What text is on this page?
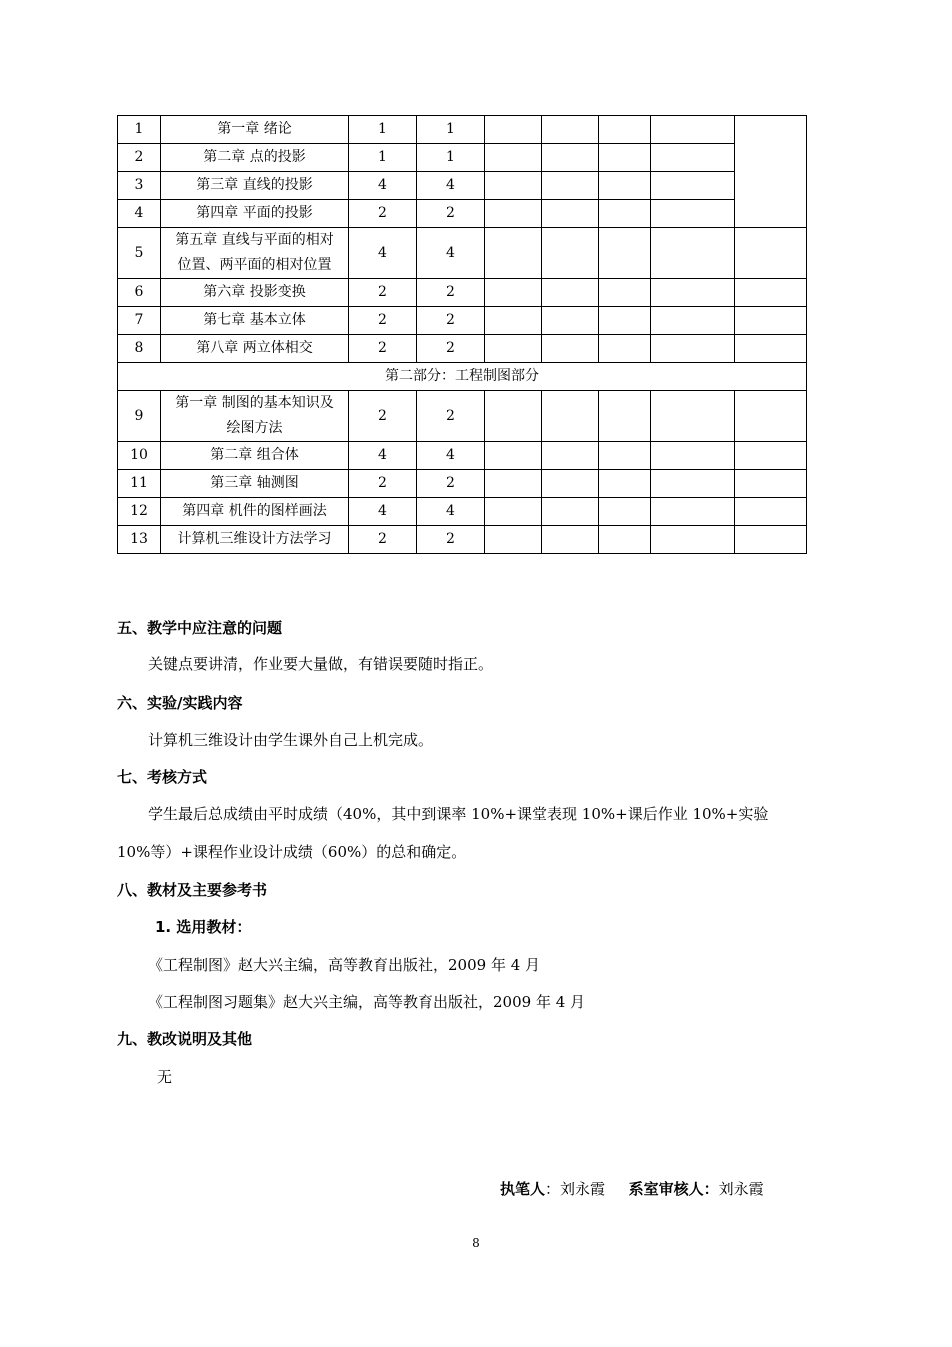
1	第一章 绪论	1	1					
2	第二章 点的投影	1	1					
3	第三章 直线的投影	4	4					
4	第四章 平面的投影	2	2					
5	第五章 直线与平面的相对位置、两平面的相对位置	4	4					
6	第六章 投影变换	2	2					
7	第七章 基本立体	2	2					
8	第八章 两立体相交	2	2					
第二部分：工程制图部分								
9	第一章 制图的基本知识及绘图方法	2	2					
10	第二章 组合体	4	4					
11	第三章 轴测图	2	2					
12	第四章 机件的图样画法	4	4					
13	计算机三维设计方法学习	2	2					
五、教学中应注意的问题
关键点要讲清，作业要大量做，有错误要随时指正。
六、实验/实践内容
计算机三维设计由学生课外自己上机完成。
七、考核方式
学生最后总成绩由平时成绩（40%，其中到课率 10%+课堂表现 10%+课后作业 10%+实验
10%等）+课程作业设计成绩（60%）的总和确定。
八、教材及主要参考书
1. 选用教材：
《工程制图》赵大兴主编，高等教育出版社，2009 年 4 月
《工程制图习题集》赵大兴主编，高等教育出版社，2009 年 4 月
九、教改说明及其他
无
执笔人：刘永霞 系室审核人：刘永霞
8
